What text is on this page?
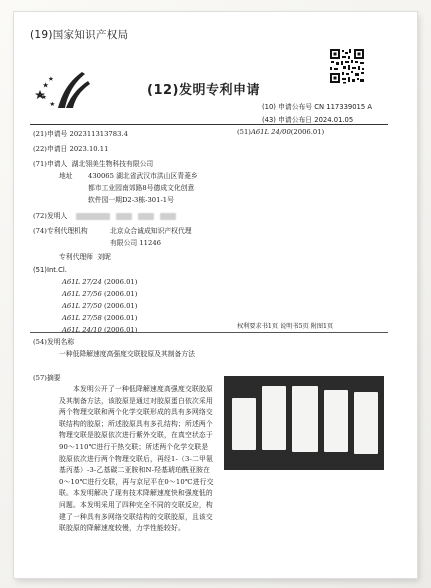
(19)国家知识产权局
(12)发明专利申请
(10) 申请公布号 CN 117339015 A
(43) 申请公布日 2024.01.05
(21)申请号 202311313783.4
(22)申请日 2023.10.11
(71)申请人 湖北翎美生物科技有限公司
地址 430065 湖北省武汉市洪山区青菱乡
都市工业园南郊路8号德成文化创意
软件园一期D2-3栋-301-1号
(72)发明人
(74)专利代理机构	北京众合诚成知识产权代理
有限公司 11246
专利代理师 刘昵
(51)Int.Cl.
A61L 27/24 (2006.01)
A61L 27/56 (2006.01)
A61L 27/50 (2006.01)
A61L 27/58 (2006.01)
A61L 24/10 (2006.01)
(51)A61L 24/00(2006.01)
权利要求书1页 说明书5页 附图1页
(54)发明名称
一种低降解速度高强度交联胶原及其制备方法
(57)摘要
本发明公开了一种低降解速度高强度交联胶原及其制备方法，该胶原是通过对胶原蛋白依次采用两个物理交联和两个化学交联形成的具有多网络交联结构的胶原；所述胶原具有多孔结构；所述两个物理交联是胶原依次进行紫外交联，在真空状态于90～110℃进行干热交联；所述两个化学交联是胶原依次进行两个物理交联后，再经1-（3-二甲氨基丙基）-3-乙基碳二亚胺和N-羟基琥珀酰亚胺在0～10℃进行交联，再与京尼平在0～10℃进行交联。本发明解决了现有技术降解速度快和强度低的问题。本发明采用了四种完全不同的交联反应，构建了一种具有多网络交联结构的交联胶原，且该交联胶原的降解速度较慢，力学性能较好。
